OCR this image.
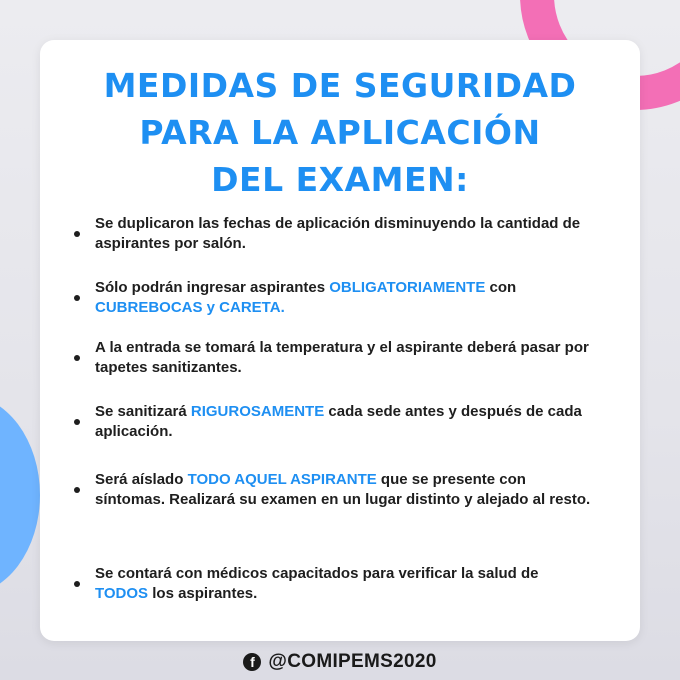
MEDIDAS DE SEGURIDAD
PARA LA APLICACIÓN
DEL EXAMEN:
Se duplicaron las fechas de aplicación disminuyendo la cantidad de aspirantes por salón.
Sólo podrán ingresar aspirantes OBLIGATORIAMENTE con CUBREBOCAS y CARETA.
A la entrada se tomará la temperatura y el aspirante deberá pasar por tapetes sanitizantes.
Se sanitizará RIGUROSAMENTE cada sede antes y después de cada aplicación.
Será aíslado TODO AQUEL ASPIRANTE que se presente con síntomas. Realizará su examen en un lugar distinto y alejado al resto.
Se contará con médicos capacitados para verificar la salud de TODOS los aspirantes.
f @COMIPEMS2020
